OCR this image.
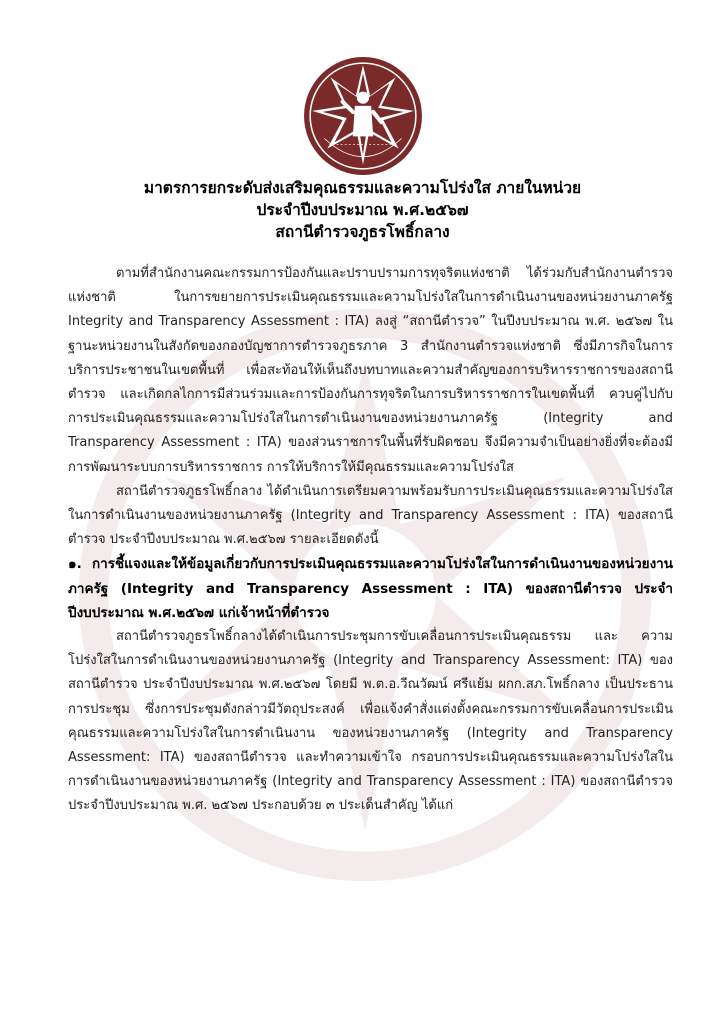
มาตรการยกระดับส่งเสริมคุณธรรมและความโปร่งใส ภายในหน่วย
ประจำปีงบประมาณ พ.ศ.๒๕๖๗
สถานีตำรวจภูธรโพธิ์กลาง

ตามที่สำนักงานคณะกรรมการป้องกันและปราบปรามการทุจริตแห่งชาติ ได้ร่วมกับสำนักงานตำรวจแห่งชาติ ในการขยายการประเมินคุณธรรมและความโปร่งใสในการดำเนินงานของหน่วยงานภาครัฐ Integrity and Transparency Assessment : ITA) ลงสู่ “สถานีตำรวจ” ในปีงบประมาณ พ.ศ. ๒๕๖๗ ในฐานะหน่วยงานในสังกัดของกองบัญชาการตำรวจภูธรภาค 3 สำนักงานตำรวจแห่งชาติ ซึ่งมีภารกิจในการบริการประชาชนในเขตพื้นที่ เพื่อสะท้อนให้เห็นถึงบทบาทและความสำคัญของการบริหารราชการของสถานีตำรวจ และเกิดกลไกการมีส่วนร่วมและการป้องกันการทุจริตในการบริหารราชการในเขตพื้นที่ ควบคู่ไปกับการประเมินคุณธรรมและความโปร่งใสในการดำเนินงานของหน่วยงานภาครัฐ (Integrity and Transparency Assessment : ITA) ของส่วนราชการในพื้นที่รับผิดชอบ จึงมีความจำเป็นอย่างยิ่งที่จะต้องมีการพัฒนาระบบการบริหารราชการ การให้บริการให้มีคุณธรรมและความโปร่งใส

สถานีตำรวจภูธรโพธิ์กลาง ได้ดำเนินการเตรียมความพร้อมรับการประเมินคุณธรรมและความโปร่งใสในการดำเนินงานของหน่วยงานภาครัฐ (Integrity and Transparency Assessment : ITA) ของสถานีตำรวจ ประจำปีงบประมาณ พ.ศ.๒๕๖๗ รายละเอียดดังนี้

๑. การชี้แจงและให้ข้อมูลเกี่ยวกับการประเมินคุณธรรมและความโปร่งใสในการดำเนินงานของหน่วยงานภาครัฐ (Integrity and Transparency Assessment : ITA) ของสถานีตำรวจ ประจำปีงบประมาณ พ.ศ.๒๕๖๗ แก่เจ้าหน้าที่ตำรวจ

สถานีตำรวจภูธรโพธิ์กลางได้ดำเนินการประชุมการขับเคลื่อนการประเมินคุณธรรม และ ความโปร่งใสในการดำเนินงานของหน่วยงานภาครัฐ (Integrity and Transparency Assessment: ITA) ของสถานีตำรวจ ประจำปีงบประมาณ พ.ศ.๒๕๖๗ โดยมี พ.ต.อ.วีณวัฒน์ ศรีแย้ม ผกก.สภ.โพธิ์กลาง เป็นประธานการประชุม ซึ่งการประชุมดังกล่าวมีวัตถุประสงค์ เพื่อแจ้งคำสั่งแต่งตั้งคณะกรรมการขับเคลื่อนการประเมินคุณธรรมและความโปร่งใสในการดำเนินงาน ของหน่วยงานภาครัฐ (Integrity and Transparency Assessment: ITA) ของสถานีตำรวจ และทำความเข้าใจ กรอบการประเมินคุณธรรมและความโปร่งใสในการดำเนินงานของหน่วยงานภาครัฐ (Integrity and Transparency Assessment : ITA) ของสถานีตำรวจประจำปีงบประมาณ พ.ศ. ๒๕๖๗ ประกอบด้วย ๓ ประเด็นสำคัญ ได้แก่
